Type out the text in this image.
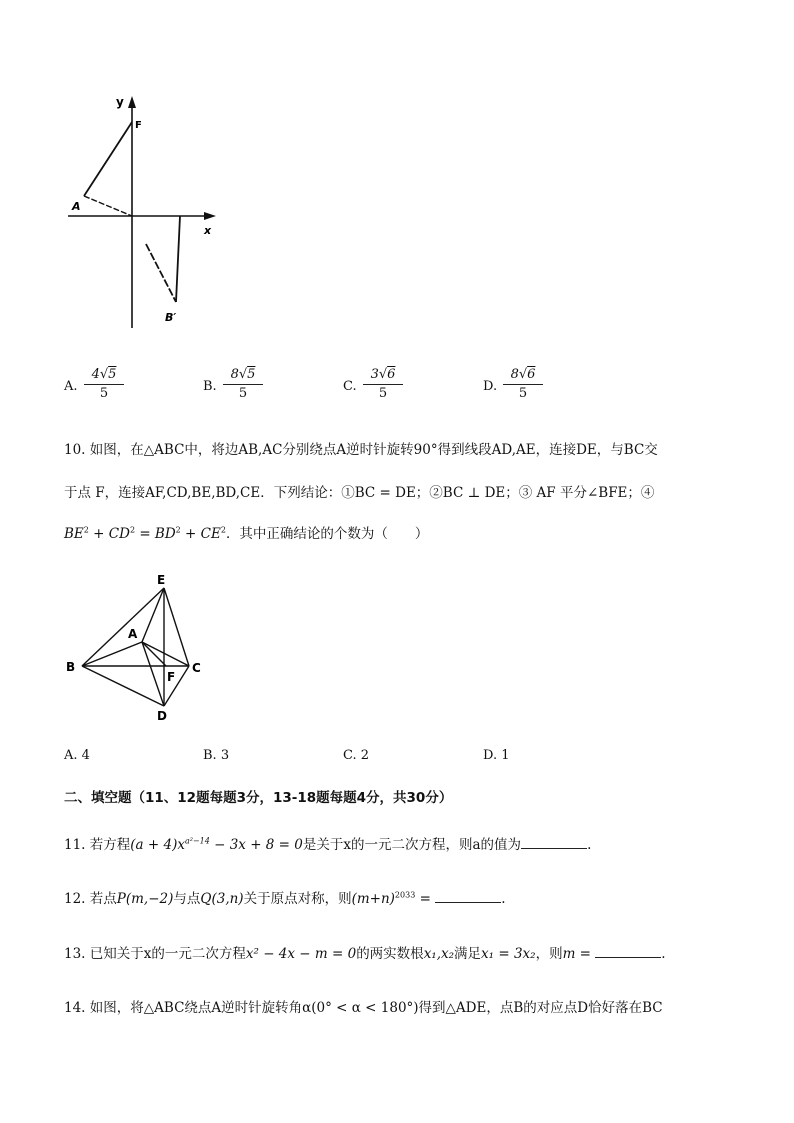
y
x
F
A
B′
A. $\frac{4√5}{5}$	B. $\frac{8√5}{5}$	C. $\frac{3√6}{5}$	D. $\frac{8√6}{5}$
10. 如图，在△ABC中，将边AB,AC分别绕点A逆时针旋转90°得到线段AD,AE，连接DE，与BC交
于点 F，连接AF,CD,BE,BD,CE．下列结论：①BC = DE；②BC ⊥ DE；③ AF 平分∠BFE；④
$BE^2 + CD^2 = BD^2 + CE^2$．其中正确结论的个数为（　　）
E
A
B	C
F
D
A. 4	B. 3	C. 2	D. 1
二、填空题（11、12题每题3分，13-18题每题4分，共30分）
11. 若方程$(a + 4)x^{a^2-14} - 3x + 8 = 0$是关于x的一元二次方程，则a的值为	.
12. 若点P(m,−2)与点Q(3,n)关于原点对称，则$(m+n)^{2033}$ =	.
13. 已知关于x的一元二次方程x² − 4x − m = 0的两实数根x₁,x₂满足x₁ = 3x₂，则m =	.
14. 如图，将△ABC绕点A逆时针旋转角α(0° < α < 180°)得到△ADE，点B的对应点D恰好落在BC
